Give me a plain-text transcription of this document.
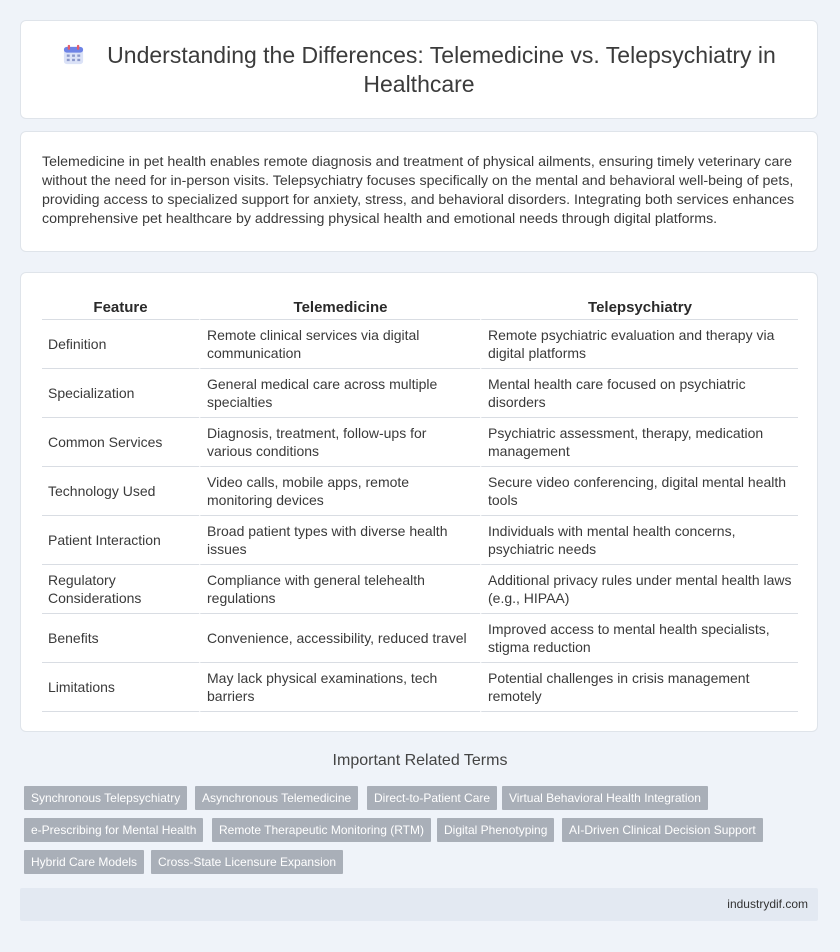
Understanding the Differences: Telemedicine vs. Telepsychiatry in Healthcare
Telemedicine in pet health enables remote diagnosis and treatment of physical ailments, ensuring timely veterinary care without the need for in-person visits. Telepsychiatry focuses specifically on the mental and behavioral well-being of pets, providing access to specialized support for anxiety, stress, and behavioral disorders. Integrating both services enhances comprehensive pet healthcare by addressing physical health and emotional needs through digital platforms.
Feature	Telemedicine	Telepsychiatry
Definition	Remote clinical services via digital communication	Remote psychiatric evaluation and therapy via digital platforms
Specialization	General medical care across multiple specialties	Mental health care focused on psychiatric disorders
Common Services	Diagnosis, treatment, follow-ups for various conditions	Psychiatric assessment, therapy, medication management
Technology Used	Video calls, mobile apps, remote monitoring devices	Secure video conferencing, digital mental health tools
Patient Interaction	Broad patient types with diverse health issues	Individuals with mental health concerns, psychiatric needs
Regulatory Considerations	Compliance with general telehealth regulations	Additional privacy rules under mental health laws (e.g., HIPAA)
Benefits	Convenience, accessibility, reduced travel	Improved access to mental health specialists, stigma reduction
Limitations	May lack physical examinations, tech barriers	Potential challenges in crisis management remotely
Important Related Terms
Synchronous Telepsychiatry	Asynchronous Telemedicine	Direct-to-Patient Care	Virtual Behavioral Health Integration
e-Prescribing for Mental Health	Remote Therapeutic Monitoring (RTM)	Digital Phenotyping	AI-Driven Clinical Decision Support
Hybrid Care Models	Cross-State Licensure Expansion
industrydif.com
